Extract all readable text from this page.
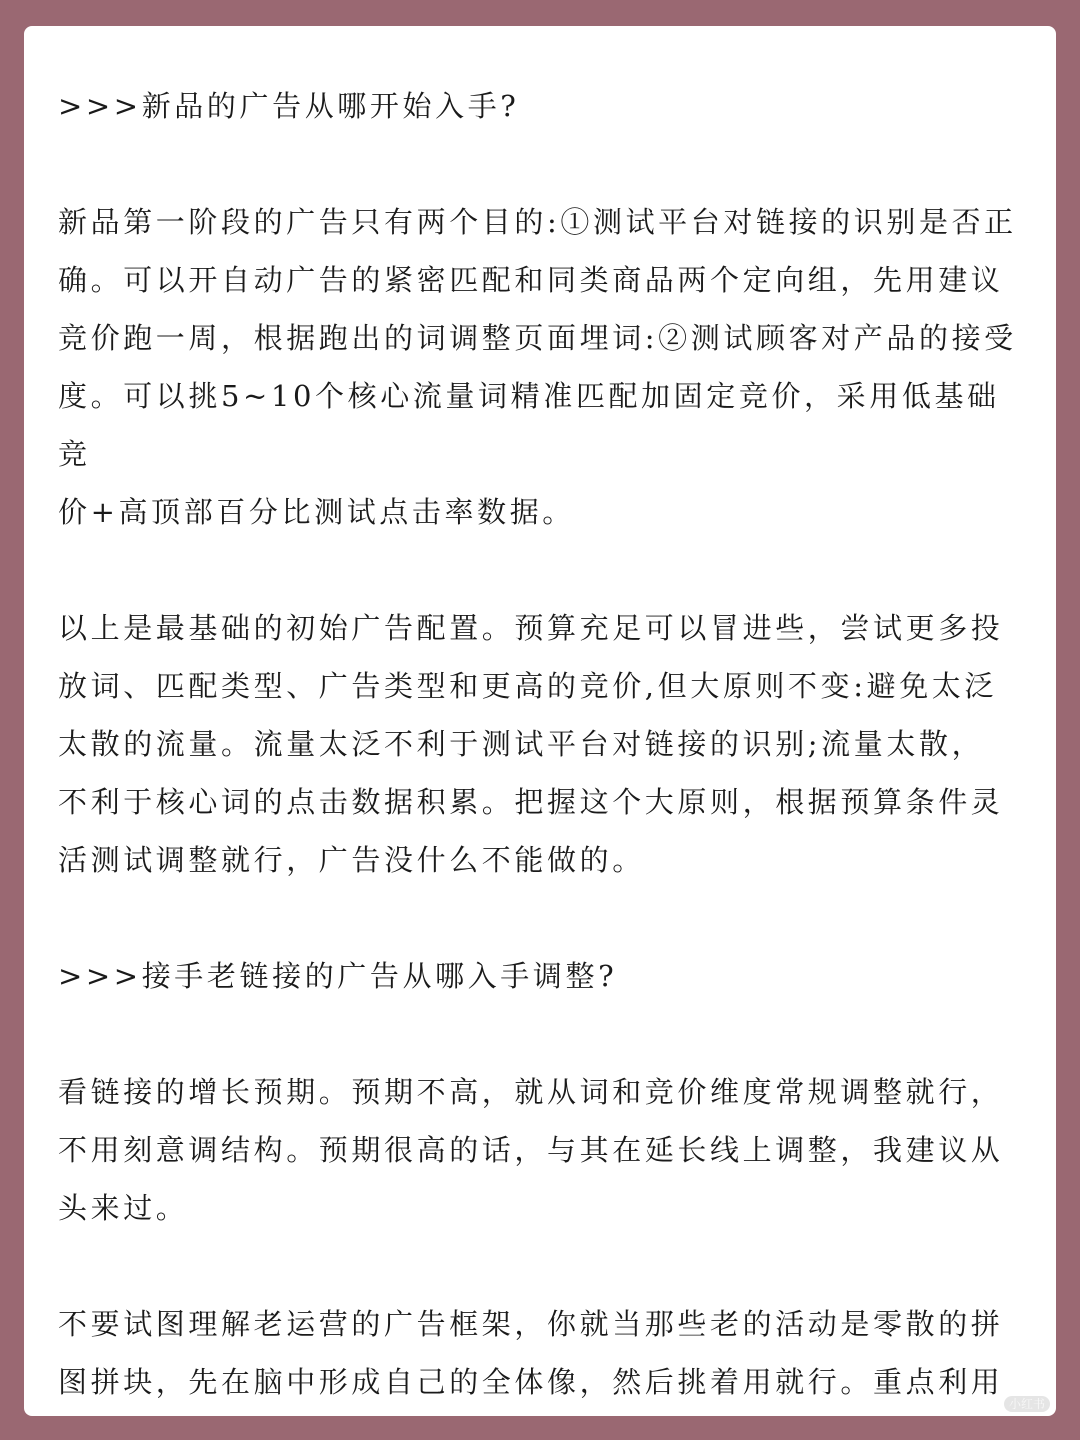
>>>新品的广告从哪开始入手?

新品第一阶段的广告只有两个目的:①测试平台对链接的识别是否正

确。可以开自动广告的紧密匹配和同类商品两个定向组，先用建议

竞价跑一周，根据跑出的词调整页面埋词:②测试顾客对产品的接受

度。可以挑5~10个核心流量词精准匹配加固定竞价，采用低基础竞

价+高顶部百分比测试点击率数据。

以上是最基础的初始广告配置。预算充足可以冒进些，尝试更多投

放词、匹配类型、广告类型和更高的竞价,但大原则不变:避免太泛

太散的流量。流量太泛不利于测试平台对链接的识别;流量太散，

不利于核心词的点击数据积累。把握这个大原则，根据预算条件灵

活测试调整就行，广告没什么不能做的。

>>>接手老链接的广告从哪入手调整?

看链接的增长预期。预期不高，就从词和竞价维度常规调整就行，

不用刻意调结构。预期很高的话，与其在延长线上调整，我建议从

头来过。

不要试图理解老运营的广告框架，你就当那些老的活动是零散的拼

图拼块，先在脑中形成自己的全体像，然后挑着用就行。重点利用

小红书
